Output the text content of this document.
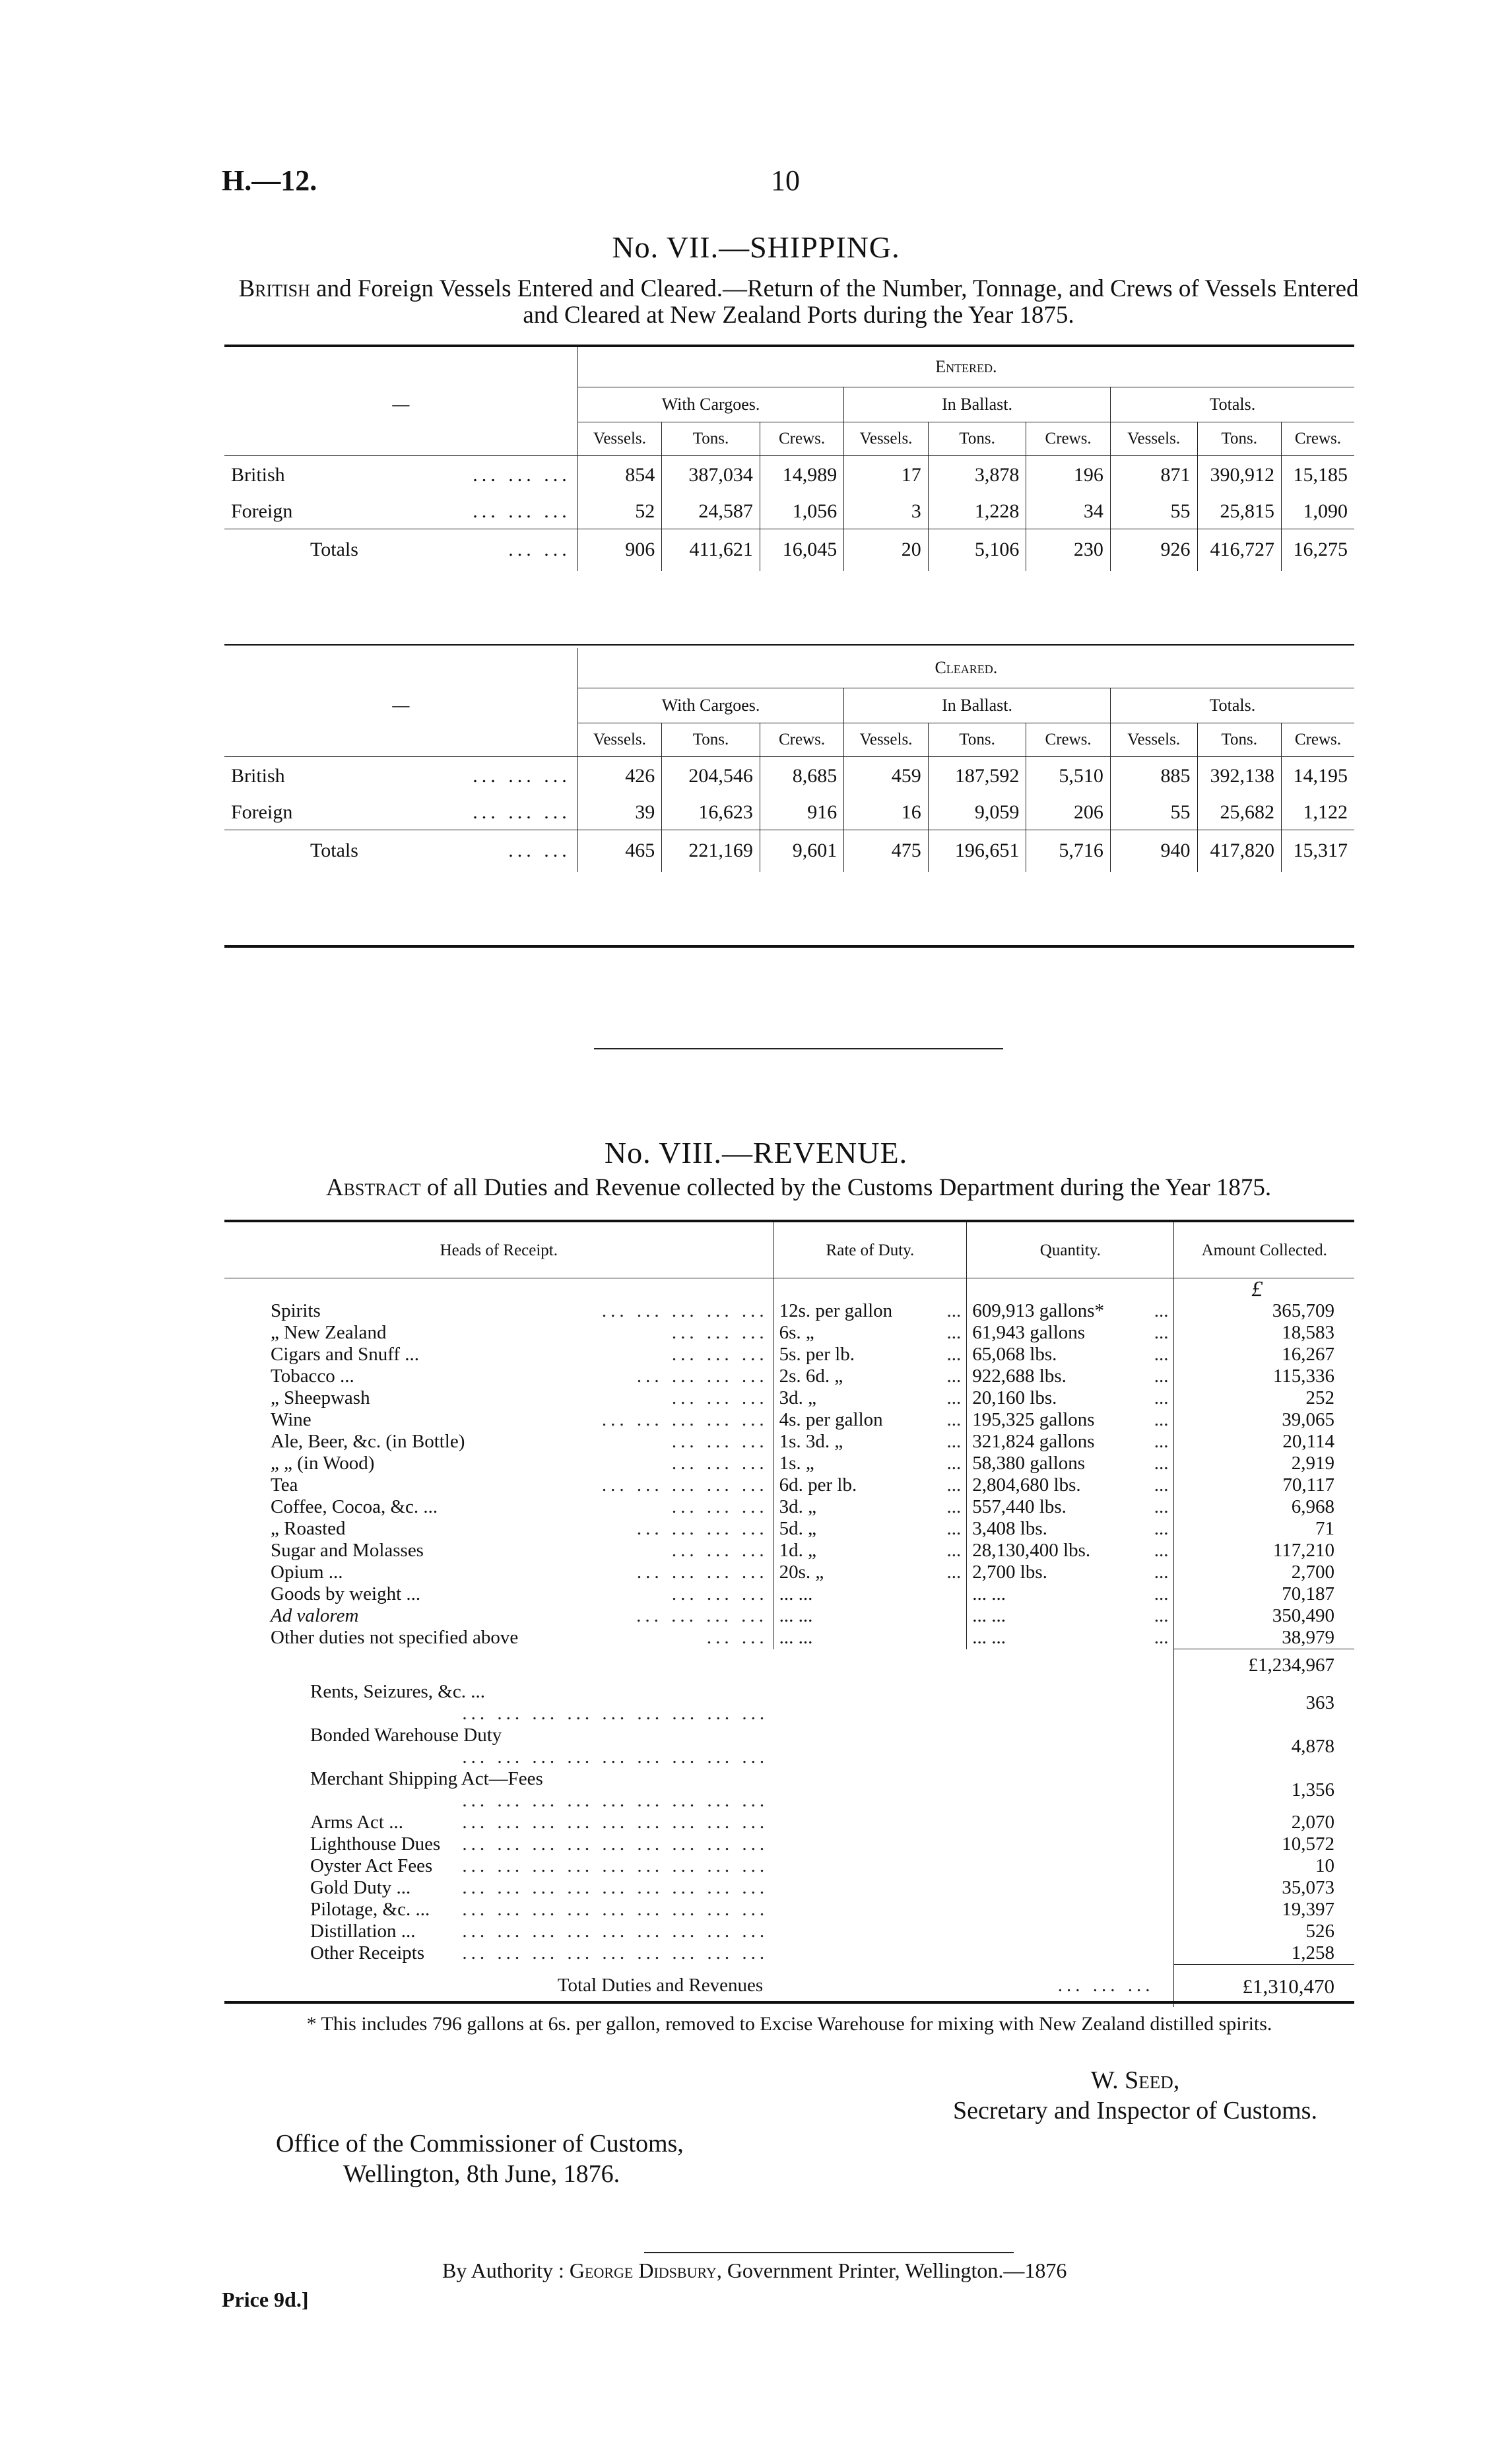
H.—12.	10
No. VII.—SHIPPING.
British and Foreign Vessels Entered and Cleared.—Return of the Number, Tonnage, and Crews of Vessels Entered and Cleared at New Zealand Ports during the Year 1875.
	Entered.								
—	With Cargoes.			In Ballast.			Totals.		
	Vessels.	Tons.	Crews.	Vessels.	Tons.	Crews.	Vessels.	Tons.	Crews.
British ... ... ...	854	387,034	14,989	17	3,878	196	871	390,912	15,185
Foreign ... ... ...	52	24,587	1,056	3	1,228	34	55	25,815	1,090
Totals ... ...	906	411,621	16,045	20	5,106	230	926	416,727	16,275
	Cleared.								
—	With Cargoes.			In Ballast.			Totals.		
	Vessels.	Tons.	Crews.	Vessels.	Tons.	Crews.	Vessels.	Tons.	Crews.
British ... ... ...	426	204,546	8,685	459	187,592	5,510	885	392,138	14,195
Foreign ... ... ...	39	16,623	916	16	9,059	206	55	25,682	1,122
Totals ... ...	465	221,169	9,601	475	196,651	5,716	940	417,820	15,317
No. VIII.—REVENUE.
Abstract of all Duties and Revenue collected by the Customs Department during the Year 1875.
Heads of Receipt.	Rate of Duty.	Quantity.	Amount Collected.
			£
Spirits ... ... ... ... ...	12s. per gallon ...	609,913 gallons* ...	365,709
„ New Zealand ... ... ...	6s. „ ...	61,943 gallons ...	18,583
Cigars and Snuff ... ... ... ...	5s. per lb. ...	65,068 lbs. ...	16,267
Tobacco ... ... ... ... ...	2s. 6d. „ ...	922,688 lbs. ...	115,336
„ Sheepwash ... ... ...	3d. „ ...	20,160 lbs. ...	252
Wine ... ... ... ... ...	4s. per gallon ...	195,325 gallons ...	39,065
Ale, Beer, &c. (in Bottle) ... ... ...	1s. 3d. „ ...	321,824 gallons ...	20,114
„ „ (in Wood) ... ... ...	1s. „ ...	58,380 gallons ...	2,919
Tea ... ... ... ... ...	6d. per lb. ...	2,804,680 lbs. ...	70,117
Coffee, Cocoa, &c. ... ... ... ...	3d. „ ...	557,440 lbs. ...	6,968
„ Roasted ... ... ... ...	5d. „ ...	3,408 lbs. ...	71
Sugar and Molasses ... ... ...	1d. „ ...	28,130,400 lbs. ...	117,210
Opium ... ... ... ... ...	20s. „ ...	2,700 lbs. ...	2,700
Goods by weight ... ... ... ...	... ...	... ... ...	70,187
Ad valorem ... ... ... ...	... ...	... ... ...	350,490
Other duties not specified above ... ...	... ...	... ... ...	38,979
			£1,234,967
Rents, Seizures, &c. ...
... ... ... ... ... ... ... ... ...			363
Bonded Warehouse Duty
... ... ... ... ... ... ... ... ...			4,878
Merchant Shipping Act—Fees
... ... ... ... ... ... ... ... ...			1,356
Arms Act ... ... ... ... ... ... ... ... ... ...			2,070
Lighthouse Dues ... ... ... ... ... ... ... ... ...			10,572
Oyster Act Fees ... ... ... ... ... ... ... ... ...			10
Gold Duty ... ... ... ... ... ... ... ... ... ...			35,073
Pilotage, &c. ... ... ... ... ... ... ... ... ... ...			19,397
Distillation ... ... ... ... ... ... ... ... ... ...			526
Other Receipts ... ... ... ... ... ... ... ... ...			1,258
Total Duties and Revenues	... ... ...		£1,310,470
* This includes 796 gallons at 6s. per gallon, removed to Excise Warehouse for mixing with New Zealand distilled spirits.
W. Seed,
Secretary and Inspector of Customs.
Office of the Commissioner of Customs,
Wellington, 8th June, 1876.
By Authority : George Didsbury, Government Printer, Wellington.—1876
Price 9d.]
